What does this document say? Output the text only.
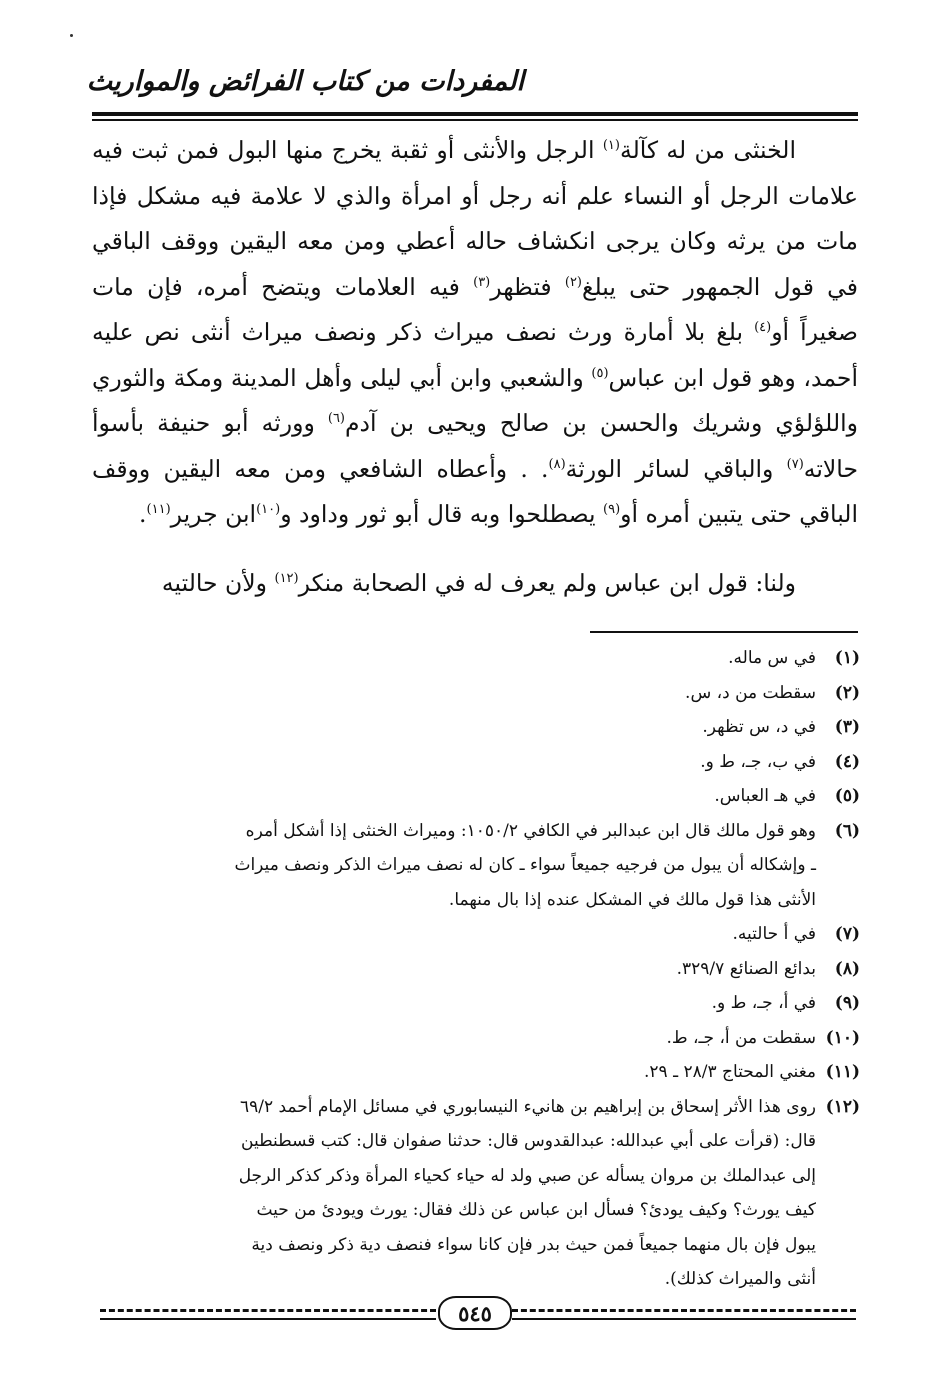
المفردات من كتاب الفرائض والمواريث

الخنثى من له كآلة$^{(١)}$ الرجل والأنثى أو ثقبة يخرج منها البول فمن ثبت فيه علامات الرجل أو النساء علم أنه رجل أو امرأة والذي لا علامة فيه مشكل فإذا مات من يرثه وكان يرجى انكشاف حاله أعطي ومن معه اليقين ووقف الباقي في قول الجمهور حتى يبلغ$^{(٢)}$ فتظهر$^{(٣)}$ فيه العلامات ويتضح أمره، فإن مات صغيراً أو$^{(٤)}$ بلغ بلا أمارة ورث نصف ميراث ذكر ونصف ميراث أنثى نص عليه أحمد، وهو قول ابن عباس$^{(٥)}$ والشعبي وابن أبي ليلى وأهل المدينة ومكة والثوري واللؤلؤي وشريك والحسن بن صالح ويحيى بن آدم$^{(٦)}$ وورثه أبو حنيفة بأسوأ حالاته$^{(٧)}$ والباقي لسائر الورثة$^{(٨)}$. . وأعطاه الشافعي ومن معه اليقين ووقف الباقي حتى يتبين أمره أو$^{(٩)}$ يصطلحوا وبه قال أبو ثور وداود و$^{(١٠)}$ابن جرير$^{(١١)}$.

ولنا: قول ابن عباس ولم يعرف له في الصحابة منكر$^{(١٢)}$ ولأن حالتيه
(١)
في س ماله.
(٢)
سقطت من د، س.
(٣)
في د، س تظهر.
(٤)
في ب، جـ، ط و.
(٥)
في هـ العباس.
(٦)
وهو قول مالك قال ابن عبدالبر في الكافي ١٠٥٠/٢: وميراث الخنثى إذا أشكل أمره
ـ وإشكاله أن يبول من فرجيه جميعاً سواء ـ كان له نصف ميراث الذكر ونصف ميراث
الأنثى هذا قول مالك في المشكل عنده إذا بال منهما.
(٧)
في أ حالتيه.
(٨)
بدائع الصنائع ٣٢٩/٧.
(٩)
في أ، جـ، ط و.
(١٠)
سقطت من أ، جـ، ط.
(١١)
مغني المحتاج ٢٨/٣ ـ ٢٩.
(١٢)
روى هذا الأثر إسحاق بن إبراهيم بن هانيء النيسابوري في مسائل الإمام أحمد ٦٩/٢
قال: (قرأت على أبي عبدالله: عبدالقدوس قال: حدثنا صفوان قال: كتب قسطنطين
إلى عبدالملك بن مروان يسأله عن صبي ولد له حياء كحياء المرأة وذكر كذكر الرجل
كيف يورث؟ وكيف يودئ؟ فسأل ابن عباس عن ذلك فقال: يورث ويودئ من حيث
يبول فإن بال منهما جميعاً فمن حيث بدر فإن كانا سواء فنصف دية ذكر ونصف دية
أنثى والميراث كذلك).
٥٤٥
